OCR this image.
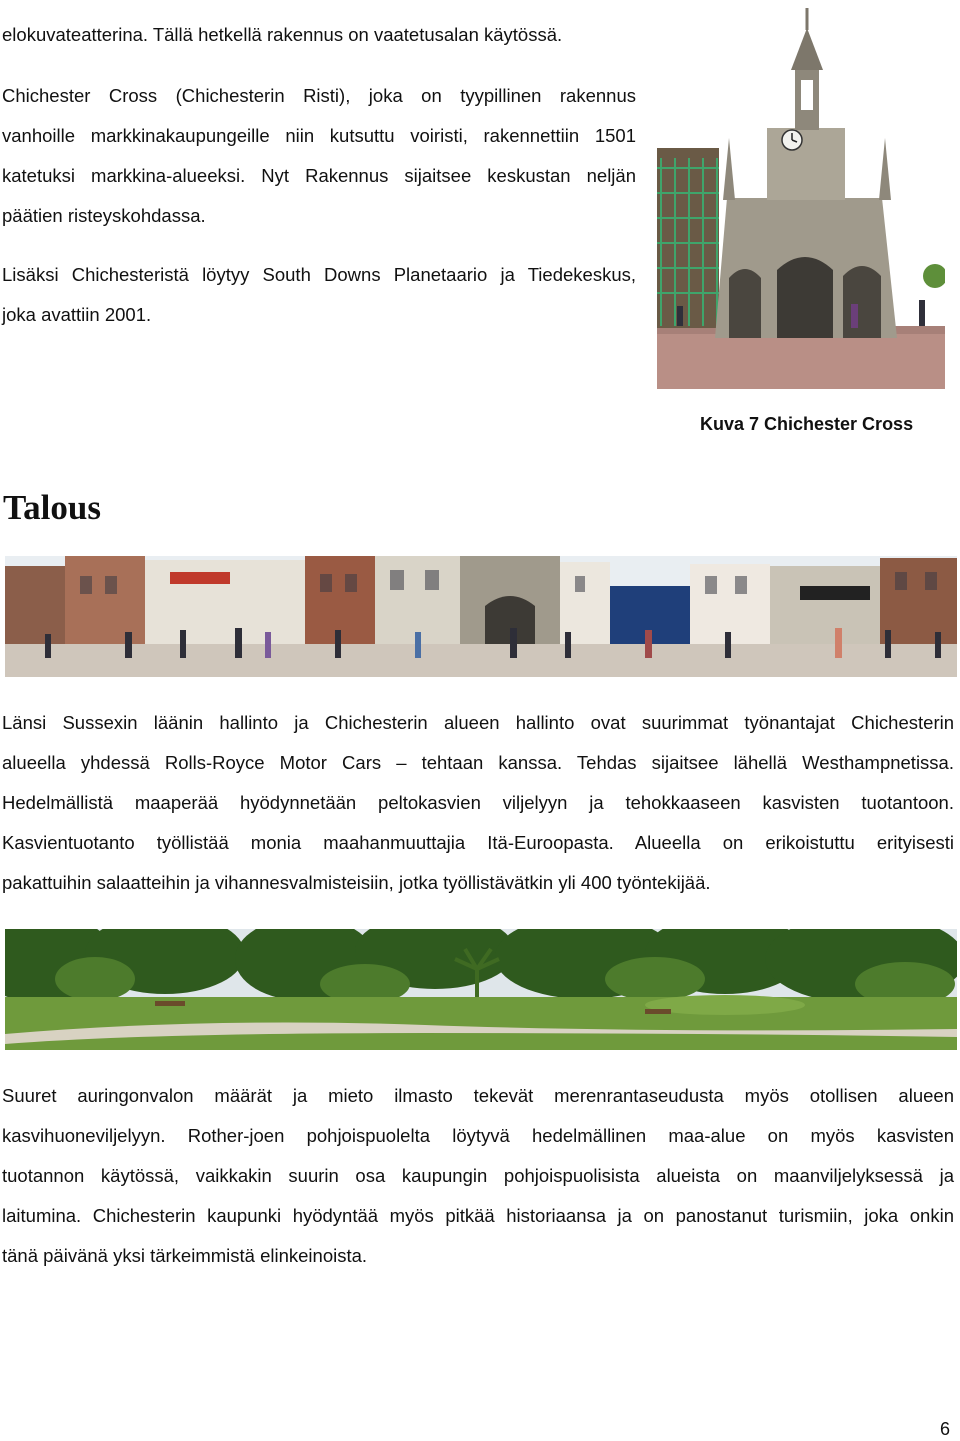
elokuvateatterina. Tällä hetkellä rakennus on vaatetusalan käytössä.
Chichester Cross (Chichesterin Risti), joka on tyypillinen rakennus
vanhoille markkinakaupungeille niin kutsuttu voiristi, rakennettiin 1501
katetuksi markkina-alueeksi. Nyt Rakennus sijaitsee keskustan neljän
päätien risteyskohdassa.
Lisäksi Chichesteristä löytyy South Downs Planetaario ja Tiedekeskus,
joka avattiin 2001.
Kuva 7 Chichester Cross
Talous
Länsi Sussexin läänin hallinto ja Chichesterin alueen hallinto ovat suurimmat työnantajat Chichesterin
alueella yhdessä Rolls-Royce Motor Cars – tehtaan kanssa. Tehdas sijaitsee lähellä Westhampnetissa.
Hedelmällistä maaperää hyödynnetään peltokasvien viljelyyn ja tehokkaaseen kasvisten tuotantoon.
Kasvientuotanto työllistää monia maahanmuuttajia Itä-Euroopasta. Alueella on erikoistuttu erityisesti
pakattuihin salaatteihin ja vihannesvalmisteisiin, jotka työllistävätkin yli 400 työntekijää.
Suuret auringonvalon määrät ja mieto ilmasto tekevät merenrantaseudusta myös otollisen alueen
kasvihuoneviljelyyn. Rother-joen pohjoispuolelta löytyvä hedelmällinen maa-alue on myös kasvisten
tuotannon käytössä, vaikkakin suurin osa kaupungin pohjoispuolisista alueista on maanviljelyksessä ja
laitumina. Chichesterin kaupunki hyödyntää myös pitkää historiaansa ja on panostanut turismiin, joka onkin
tänä päivänä yksi tärkeimmistä elinkeinoista.
6
